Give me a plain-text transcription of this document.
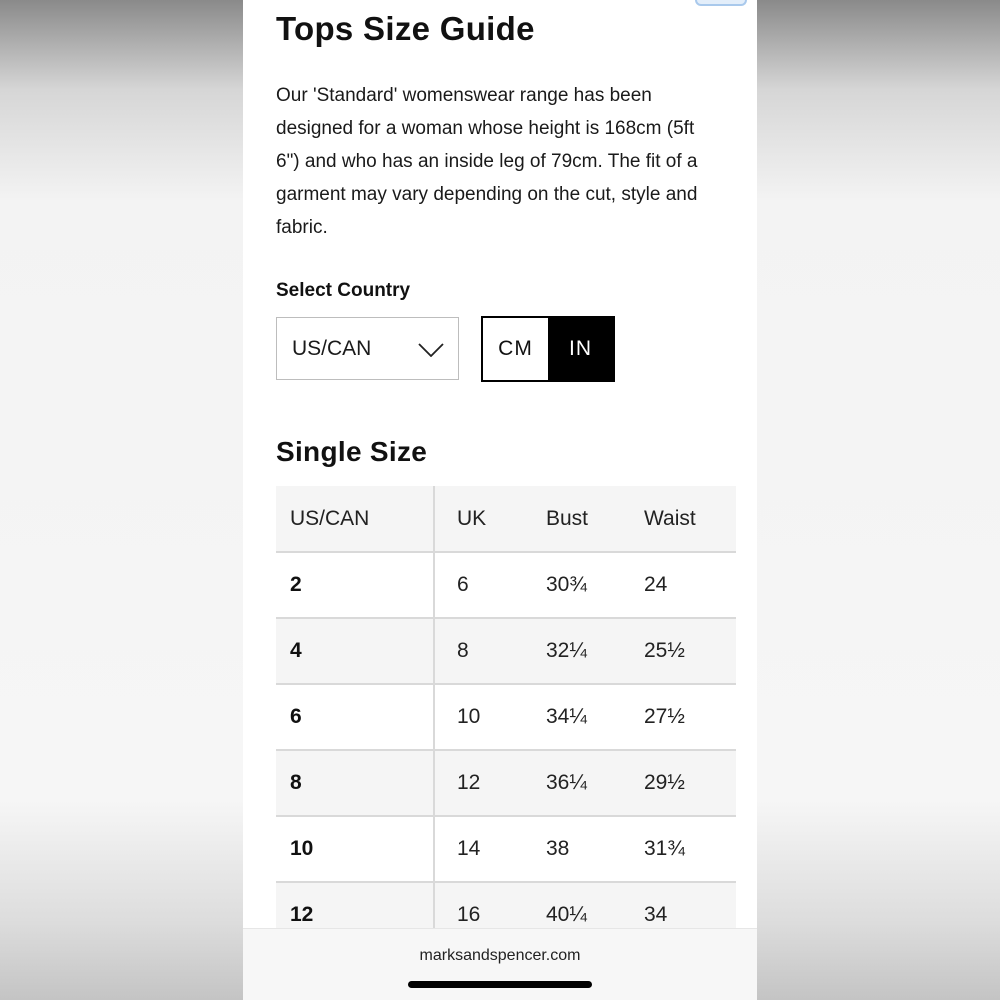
Tops Size Guide

Our 'Standard' womenswear range has been designed for a woman whose height is 168cm (5ft 6") and who has an inside leg of 79cm. The fit of a garment may vary depending on the cut, style and fabric.

Select Country
US/CAN	CM	IN
Single Size
US/CAN	UK	Bust	Waist
2	6	30¾	24
4	8	32¼	25½
6	10	34¼	27½
8	12	36¼	29½
10	14	38	31¾
12	16	40¼	34
marksandspencer.com
